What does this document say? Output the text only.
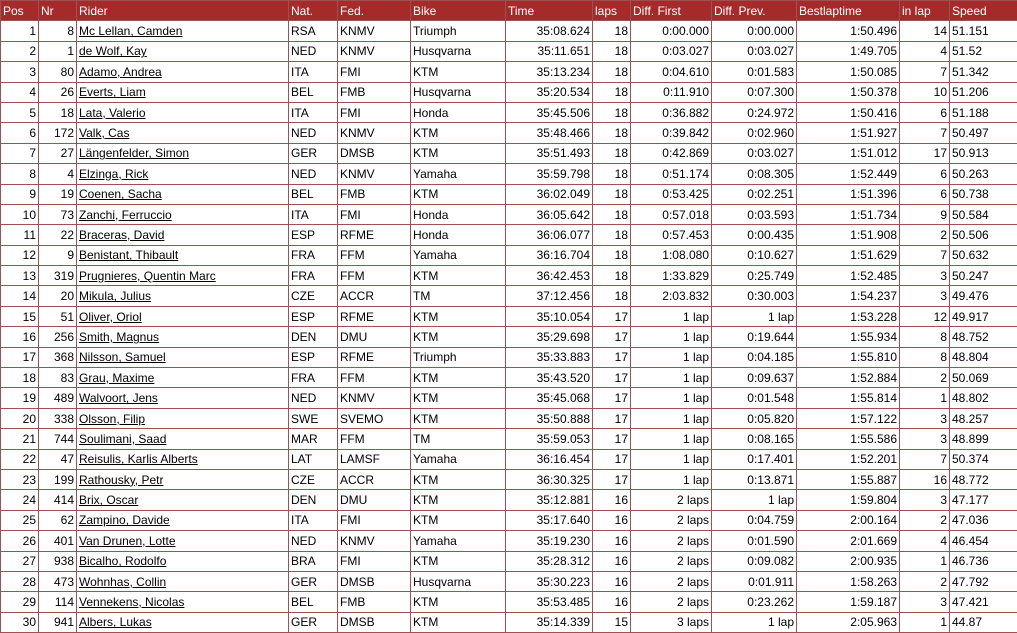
Pos	Nr	Rider	Nat.	Fed.	Bike	Time	laps	Diff. First	Diff. Prev.	Bestlaptime	in lap	Speed
1	8	Mc Lellan, Camden	RSA	KNMV	Triumph	35:08.624	18	0:00.000	0:00.000	1:50.496	14	51.151
2	1	de Wolf, Kay	NED	KNMV	Husqvarna	35:11.651	18	0:03.027	0:03.027	1:49.705	4	51.52
3	80	Adamo, Andrea	ITA	FMI	KTM	35:13.234	18	0:04.610	0:01.583	1:50.085	7	51.342
4	26	Everts, Liam	BEL	FMB	Husqvarna	35:20.534	18	0:11.910	0:07.300	1:50.378	10	51.206
5	18	Lata, Valerio	ITA	FMI	Honda	35:45.506	18	0:36.882	0:24.972	1:50.416	6	51.188
6	172	Valk, Cas	NED	KNMV	KTM	35:48.466	18	0:39.842	0:02.960	1:51.927	7	50.497
7	27	Längenfelder, Simon	GER	DMSB	KTM	35:51.493	18	0:42.869	0:03.027	1:51.012	17	50.913
8	4	Elzinga, Rick	NED	KNMV	Yamaha	35:59.798	18	0:51.174	0:08.305	1:52.449	6	50.263
9	19	Coenen, Sacha	BEL	FMB	KTM	36:02.049	18	0:53.425	0:02.251	1:51.396	6	50.738
10	73	Zanchi, Ferruccio	ITA	FMI	Honda	36:05.642	18	0:57.018	0:03.593	1:51.734	9	50.584
11	22	Braceras, David	ESP	RFME	Honda	36:06.077	18	0:57.453	0:00.435	1:51.908	2	50.506
12	9	Benistant, Thibault	FRA	FFM	Yamaha	36:16.704	18	1:08.080	0:10.627	1:51.629	7	50.632
13	319	Prugnieres, Quentin Marc	FRA	FFM	KTM	36:42.453	18	1:33.829	0:25.749	1:52.485	3	50.247
14	20	Mikula, Julius	CZE	ACCR	TM	37:12.456	18	2:03.832	0:30.003	1:54.237	3	49.476
15	51	Oliver, Oriol	ESP	RFME	KTM	35:10.054	17	1 lap	1 lap	1:53.228	12	49.917
16	256	Smith, Magnus	DEN	DMU	KTM	35:29.698	17	1 lap	0:19.644	1:55.934	8	48.752
17	368	Nilsson, Samuel	ESP	RFME	Triumph	35:33.883	17	1 lap	0:04.185	1:55.810	8	48.804
18	83	Grau, Maxime	FRA	FFM	KTM	35:43.520	17	1 lap	0:09.637	1:52.884	2	50.069
19	489	Walvoort, Jens	NED	KNMV	KTM	35:45.068	17	1 lap	0:01.548	1:55.814	1	48.802
20	338	Olsson, Filip	SWE	SVEMO	KTM	35:50.888	17	1 lap	0:05.820	1:57.122	3	48.257
21	744	Soulimani, Saad	MAR	FFM	TM	35:59.053	17	1 lap	0:08.165	1:55.586	3	48.899
22	47	Reisulis, Karlis Alberts	LAT	LAMSF	Yamaha	36:16.454	17	1 lap	0:17.401	1:52.201	7	50.374
23	199	Rathousky, Petr	CZE	ACCR	KTM	36:30.325	17	1 lap	0:13.871	1:55.887	16	48.772
24	414	Brix, Oscar	DEN	DMU	KTM	35:12.881	16	2 laps	1 lap	1:59.804	3	47.177
25	62	Zampino, Davide	ITA	FMI	KTM	35:17.640	16	2 laps	0:04.759	2:00.164	2	47.036
26	401	Van Drunen, Lotte	NED	KNMV	Yamaha	35:19.230	16	2 laps	0:01.590	2:01.669	4	46.454
27	938	Bicalho, Rodolfo	BRA	FMI	KTM	35:28.312	16	2 laps	0:09.082	2:00.935	1	46.736
28	473	Wohnhas, Collin	GER	DMSB	Husqvarna	35:30.223	16	2 laps	0:01.911	1:58.263	2	47.792
29	114	Vennekens, Nicolas	BEL	FMB	KTM	35:53.485	16	2 laps	0:23.262	1:59.187	3	47.421
30	941	Albers, Lukas	GER	DMSB	KTM	35:14.339	15	3 laps	1 lap	2:05.963	1	44.87
